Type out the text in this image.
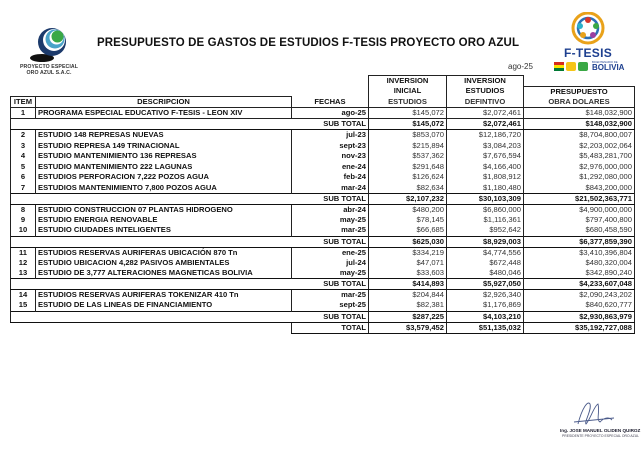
PROYECTO ESPECIAL
ORO AZUL S.A.C.
PRESUPUESTO DE GASTOS DE ESTUDIOS F-TESIS PROYECTO ORO AZUL
F-TESIS
BICENTENARIO DE
BOLIVIA
ago-25
			INVERSION	INVERSION	
			INICIAL	ESTUDIOS	PRESUPUESTO
ITEM	DESCRIPCION	FECHAS	ESTUDIOS	DEFINTIVO	OBRA DOLARES
1	PROGRAMA ESPECIAL EDUCATIVO F-TESIS - LEON XIV	ago-25	$145,072	$2,072,461	$148,032,900
SUB TOTAL			$145,072	$2,072,461	$148,032,900
2	ESTUDIO 148 REPRESAS NUEVAS	jul-23	$853,070	$12,186,720	$8,704,800,007
3	ESTUDIO REPRESA 149 TRINACIONAL	sept-23	$215,894	$3,084,203	$2,203,002,064
4	ESTUDIO MANTENIMIENTO 136 REPRESAS	nov-23	$537,362	$7,676,594	$5,483,281,700
5	ESTUDIO MANTENIMIENTO 222 LAGUNAS	ene-24	$291,648	$4,166,400	$2,976,000,000
6	ESTUDIOS PERFORACION 7,222 POZOS AGUA	feb-24	$126,624	$1,808,912	$1,292,080,000
7	ESTUDIOS MANTENIMIENTO 7,800 POZOS AGUA	mar-24	$82,634	$1,180,480	$843,200,000
SUB TOTAL			$2,107,232	$30,103,309	$21,502,363,771
8	ESTUDIO CONSTRUCCION 07 PLANTAS HIDROGENO	abr-24	$480,200	$6,860,000	$4,900,000,000
9	ESTUDIO ENERGIA RENOVABLE	may-25	$78,145	$1,116,361	$797,400,800
10	ESTUDIO CIUDADES INTELIGENTES	mar-25	$66,685	$952,642	$680,458,590
SUB TOTAL			$625,030	$8,929,003	$6,377,859,390
11	ESTUDIOS RESERVAS AURIFERAS UBICACIÓN 870 Tn	ene-25	$334,219	$4,774,556	$3,410,396,804
12	ESTUDIO UBICACION 4,282 PASIVOS AMBIENTALES	jul-24	$47,071	$672,448	$480,320,004
13	ESTUDIO DE 3,777 ALTERACIONES MAGNETICAS BOLIVIA	may-25	$33,603	$480,046	$342,890,240
SUB TOTAL			$414,893	$5,927,050	$4,233,607,048
14	ESTUDIOS RESERVAS AURIFERAS TOKENIZAR 410 Tn	mar-25	$204,844	$2,926,340	$2,090,243,202
15	ESTUDIO DE LAS LINEAS DE FINANCIAMIENTO	sept-25	$82,381	$1,176,869	$840,620,777
SUB TOTAL			$287,225	$4,103,210	$2,930,863,979
		TOTAL	$3,579,452	$51,135,032	$35,192,727,088
Ing. JOSE MANUEL OLIDEN QUIROZ
PRESIDENTE PROYECTO ESPECIAL ORO AZUL
